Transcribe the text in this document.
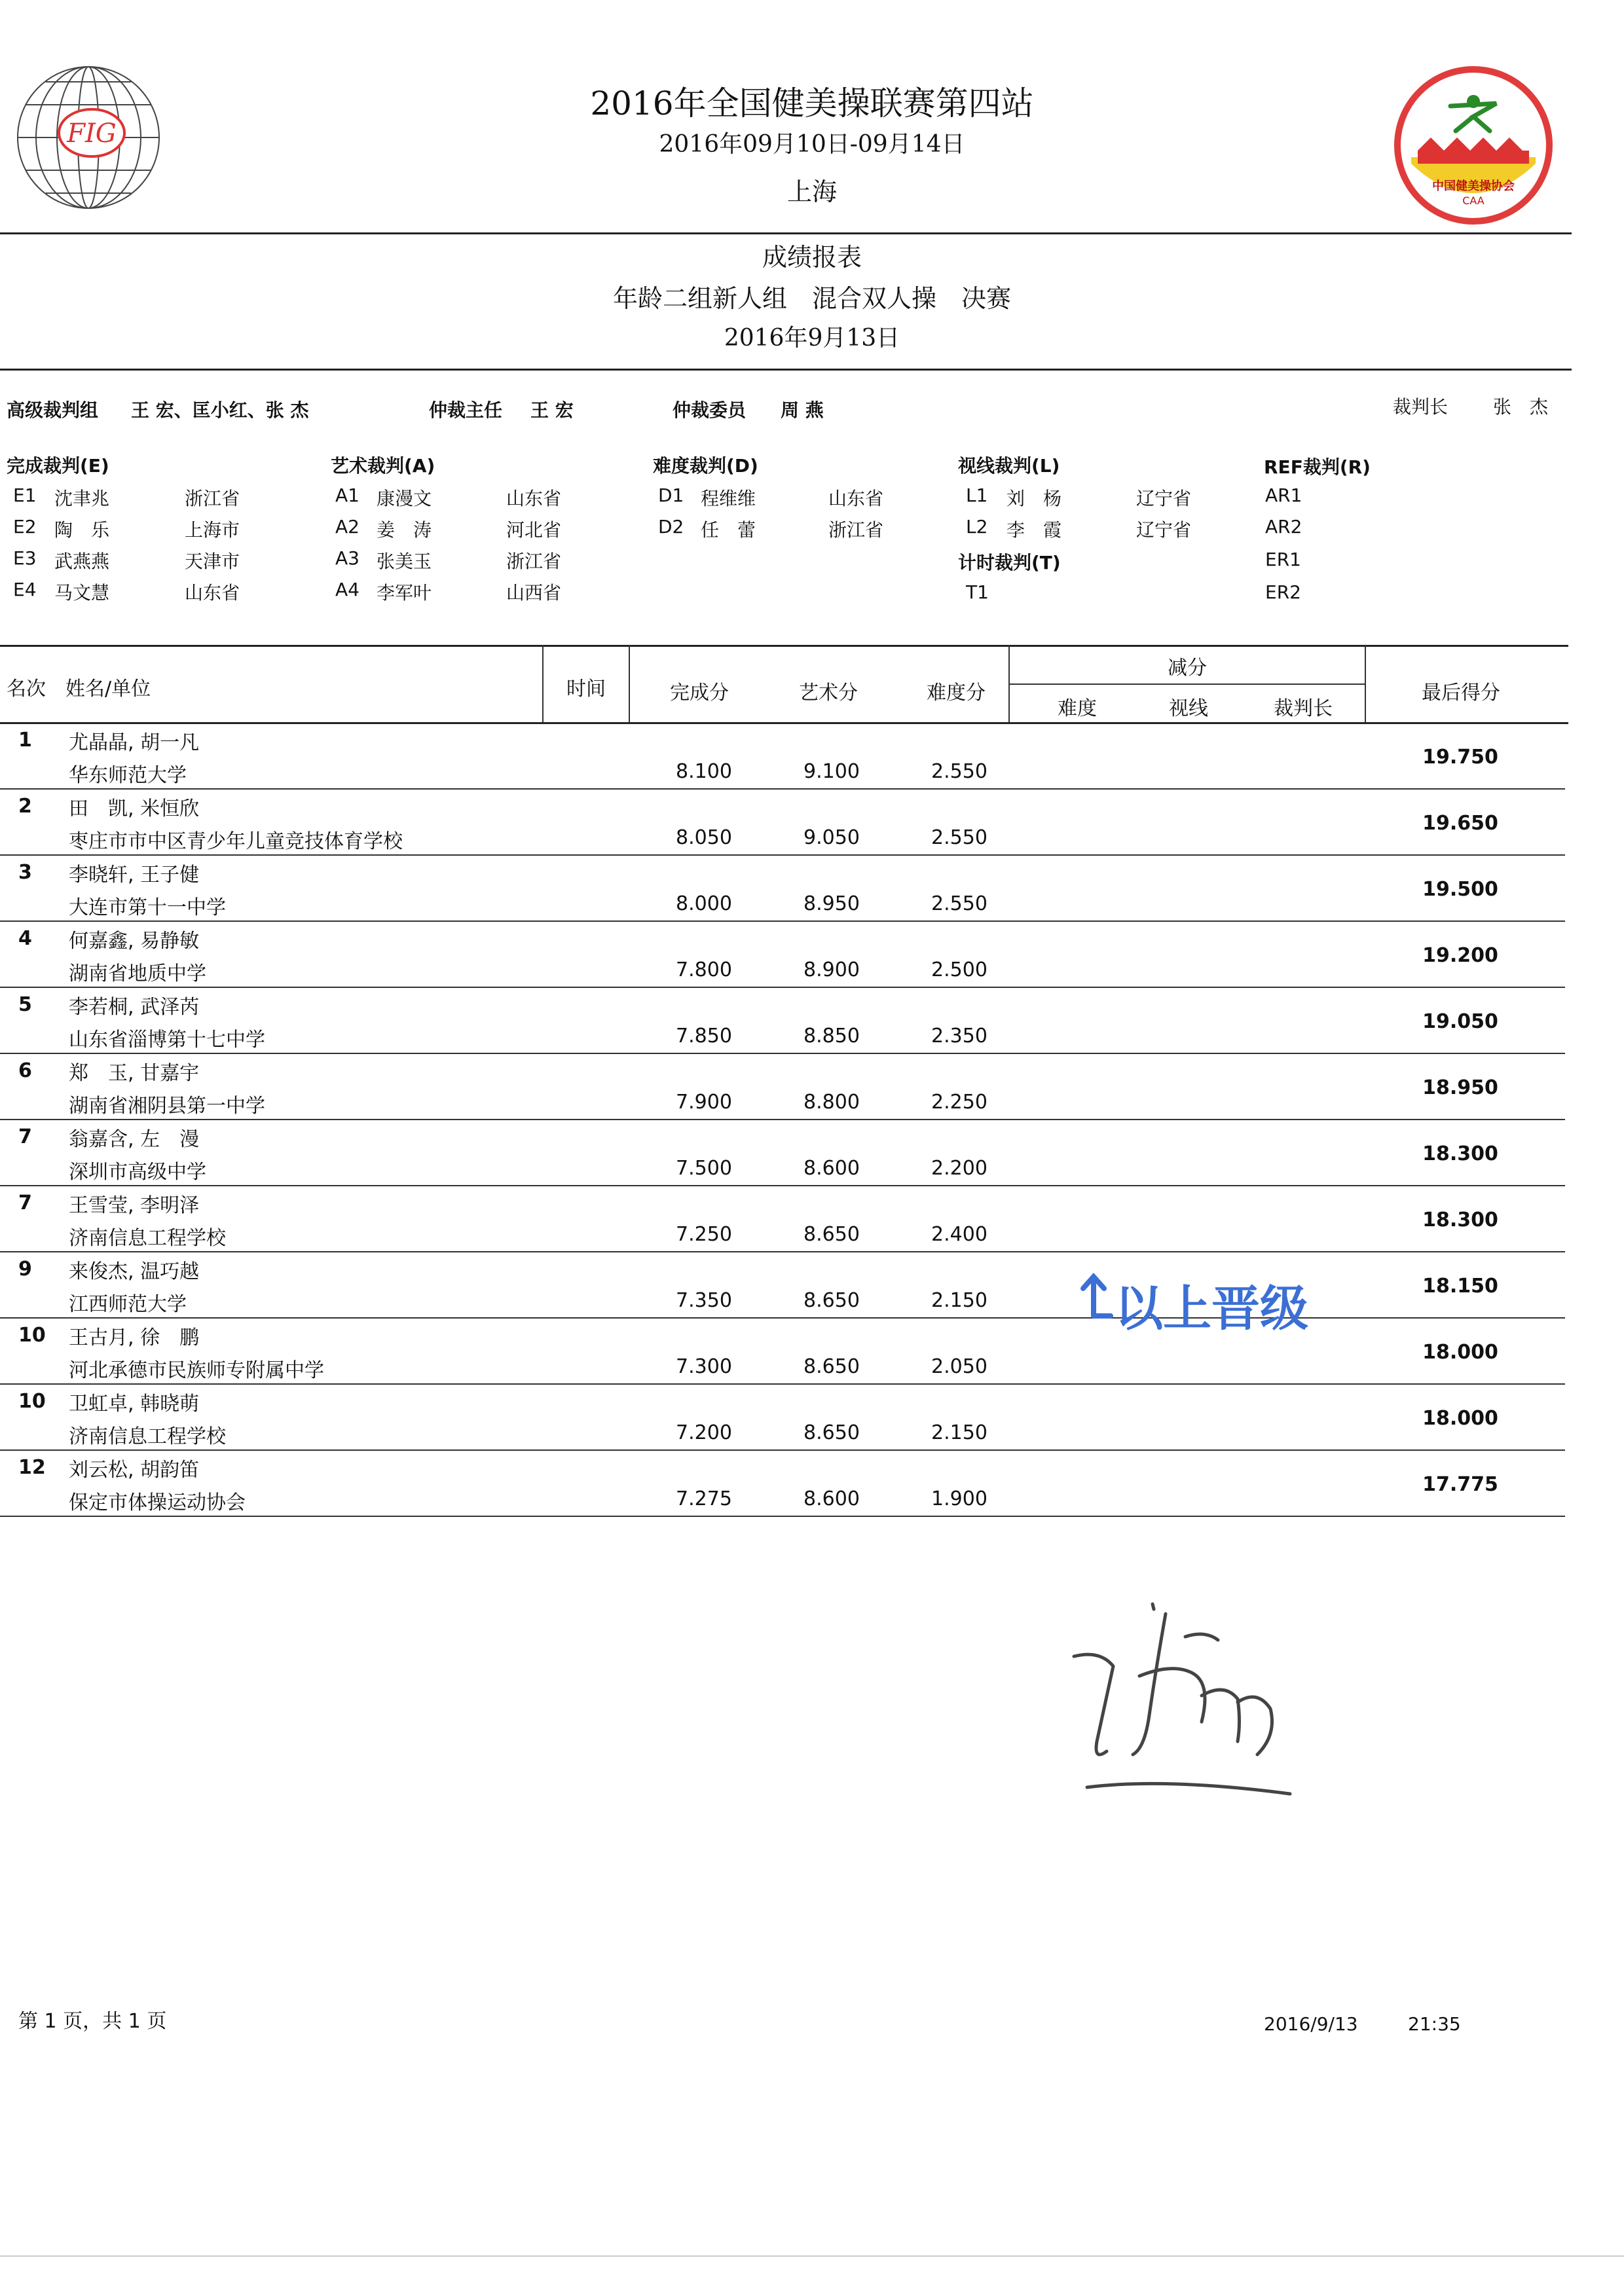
FIG
2016年全国健美操联赛第四站
2016年09月10日-09月14日
上海	中国健美操协会
CAA
成绩报表
年龄二组新人组　混合双人操　决赛
2016年9月13日
高级裁判组 王 宏、匡小红、张 杰	仲裁主任 王 宏	仲裁委员 周 燕	裁判长 张　杰
完成裁判(E)
E1 沈聿兆	浙江省
E2 陶　乐	上海市
E3 武燕燕	天津市
E4 马文慧	山东省
艺术裁判(A)
A1 康漫文	山东省
A2 姜　涛	河北省
A3 张美玉	浙江省
A4 李军叶	山西省
难度裁判(D)
D1 程维维	山东省
D2 任　蕾	浙江省
视线裁判(L)
L1 刘　杨	辽宁省
L2 李　霞	辽宁省
计时裁判(T)
T1
REF裁判(R)
AR1
AR2
ER1
ER2
名次	姓名/单位	时间	完成分	艺术分	难度分
减分
难度	视线	裁判长
最后得分
1 尤晶晶, 胡一凡
华东师范大学	8.100	9.100	2.550
19.750
2 田　凯, 米恒欣
枣庄市市中区青少年儿童竞技体育学校	8.050	9.050	2.550
19.650
3 李晓轩, 王子健
大连市第十一中学	8.000	8.950	2.550
19.500
4 何嘉鑫, 易静敏
湖南省地质中学	7.800	8.900	2.500
19.200
5 李若桐, 武泽芮
山东省淄博第十七中学	7.850	8.850	2.350
19.050
6 郑　玉, 甘嘉宇
湖南省湘阴县第一中学	7.900	8.800	2.250
18.950
7 翁嘉含, 左　漫
深圳市高级中学	7.500	8.600	2.200
18.300
7 王雪莹, 李明泽
济南信息工程学校	7.250	8.650	2.400
18.300
9 来俊杰, 温巧越
江西师范大学	7.350	8.650	2.150
18.150
10 王古月, 徐　鹏
河北承德市民族师专附属中学	7.300	8.650	2.050
18.000
10 卫虹卓, 韩晓萌
济南信息工程学校	7.200	8.650	2.150
18.000
12 刘云松, 胡韵笛
保定市体操运动协会	7.275	8.600	1.900
17.775
以上晋级
第 1 页，共 1 页	2016/9/13	21:35
